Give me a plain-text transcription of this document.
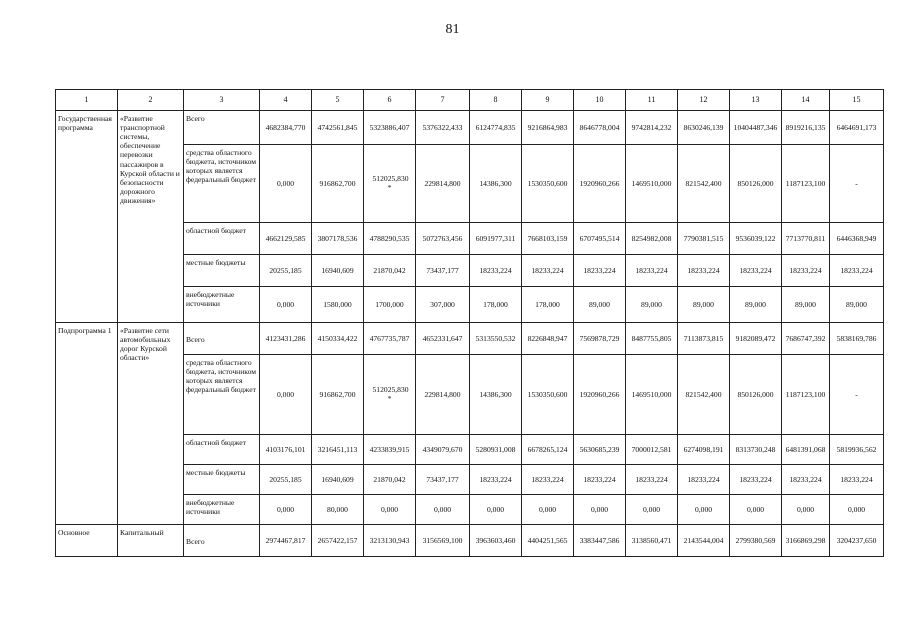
81
1	2	3	4	5	6	7	8	9	10	11	12	13	14	15
Государственная программа	«Развитие транспортной системы, обеспечение перевозки пассажиров в Курской области и безопасности дорожного движения»	Всего	4682384,770	4742561,845	5323886,407	5376322,433	6124774,835	9216864,983	8646778,004	9742814,232	8630246,139	10404487,346	8919216,135	6464691,173
		средства областного бюджета, источником которых является федеральный бюджет	0,000	916862,700	512025,830 *	229814,800	14386,300	1530350,600	1920960,266	1469510,000	821542,400	850126,000	1187123,100	-
		областной бюджет	4662129,585	3807178,536	4788290,535	5072763,456	6091977,311	7668103,159	6707495,514	8254982,008	7790381,515	9536039,122	7713770,811	6446368,949
		местные бюджеты	20255,185	16940,609	21870,042	73437,177	18233,224	18233,224	18233,224	18233,224	18233,224	18233,224	18233,224	18233,224
		внебюджетные источники	0,000	1580,000	1700,000	307,000	178,000	178,000	89,000	89,000	89,000	89,000	89,000	89,000
Подпрограмма 1	«Развитие сети автомобильных дорог Курской области»	Всего	4123431,286	4150334,422	4767735,787	4652331,647	5313550,532	8226848,947	7569878,729	8487755,805	7113873,815	9182089,472	7686747,392	5838169,786
		средства областного бюджета, источником которых является федеральный бюджет	0,000	916862,700	512025,830 *	229814,800	14386,300	1530350,600	1920960,266	1469510,000	821542,400	850126,000	1187123,100	-
		областной бюджет	4103176,101	3216451,113	4233839,915	4349079,670	5280931,008	6678265,124	5630685,239	7000012,581	6274098,191	8313730,248	6481391,068	5819936,562
		местные бюджеты	20255,185	16940,609	21870,042	73437,177	18233,224	18233,224	18233,224	18233,224	18233,224	18233,224	18233,224	18233,224
		внебюджетные источники	0,000	80,000	0,000	0,000	0,000	0,000	0,000	0,000	0,000	0,000	0,000	0,000
Основное	Капитальный	Всего	2974467,817	2657422,157	3213130,943	3156569,100	3963603,460	4404251,565	3383447,586	3138560,471	2143544,004	2799380,569	3166869,298	3204237,650
